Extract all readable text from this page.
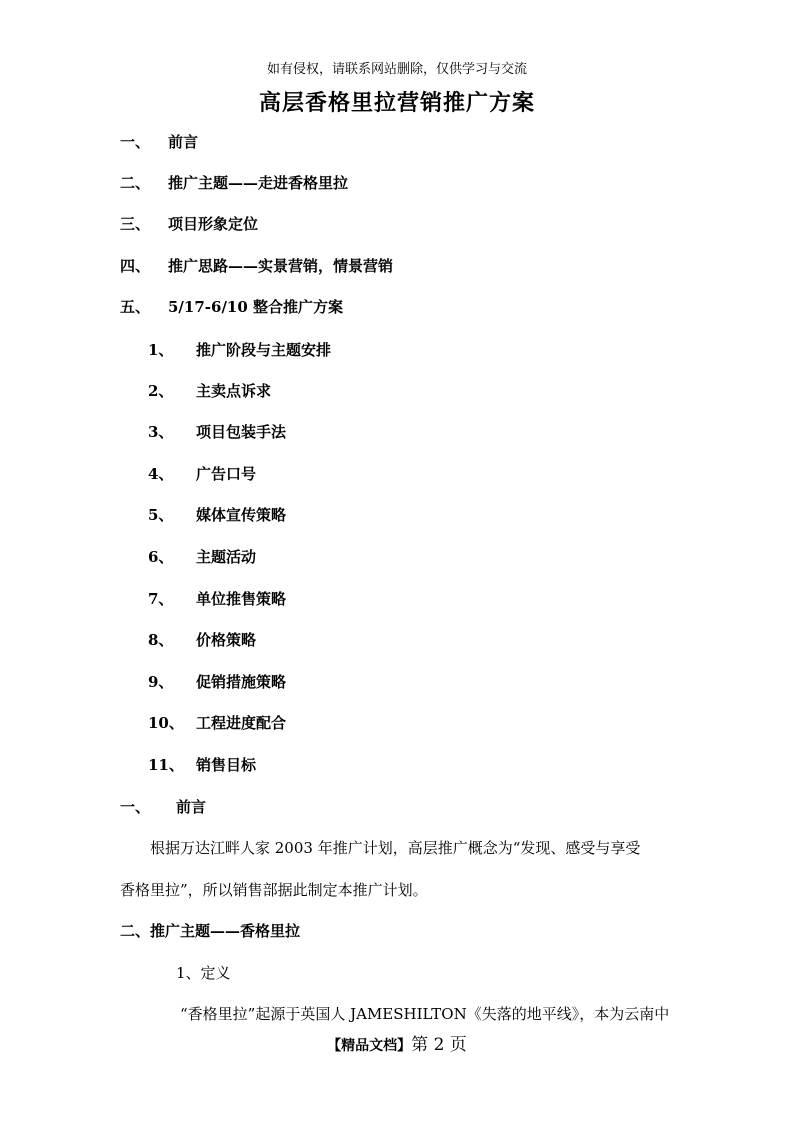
如有侵权，请联系网站删除，仅供学习与交流
高层香格里拉营销推广方案
一、 前言
二、 推广主题——走进香格里拉
三、 项目形象定位
四、 推广思路——实景营销，情景营销
五、 5/17-6/10 整合推广方案
1、 推广阶段与主题安排
2、 主卖点诉求
3、 项目包装手法
4、 广告口号
5、 媒体宣传策略
6、 主题活动
7、 单位推售策略
8、 价格策略
9、 促销措施策略
10、 工程进度配合
11、 销售目标
一、 前言
根据万达江畔人家 2003 年推广计划，高层推广概念为“发现、感受与享受
香格里拉”，所以销售部据此制定本推广计划。
二、推广主题——香格里拉
1、定义
“香格里拉”起源于英国人 JAMESHILTON《失落的地平线》，本为云南中
【精品文档】第 2 页
